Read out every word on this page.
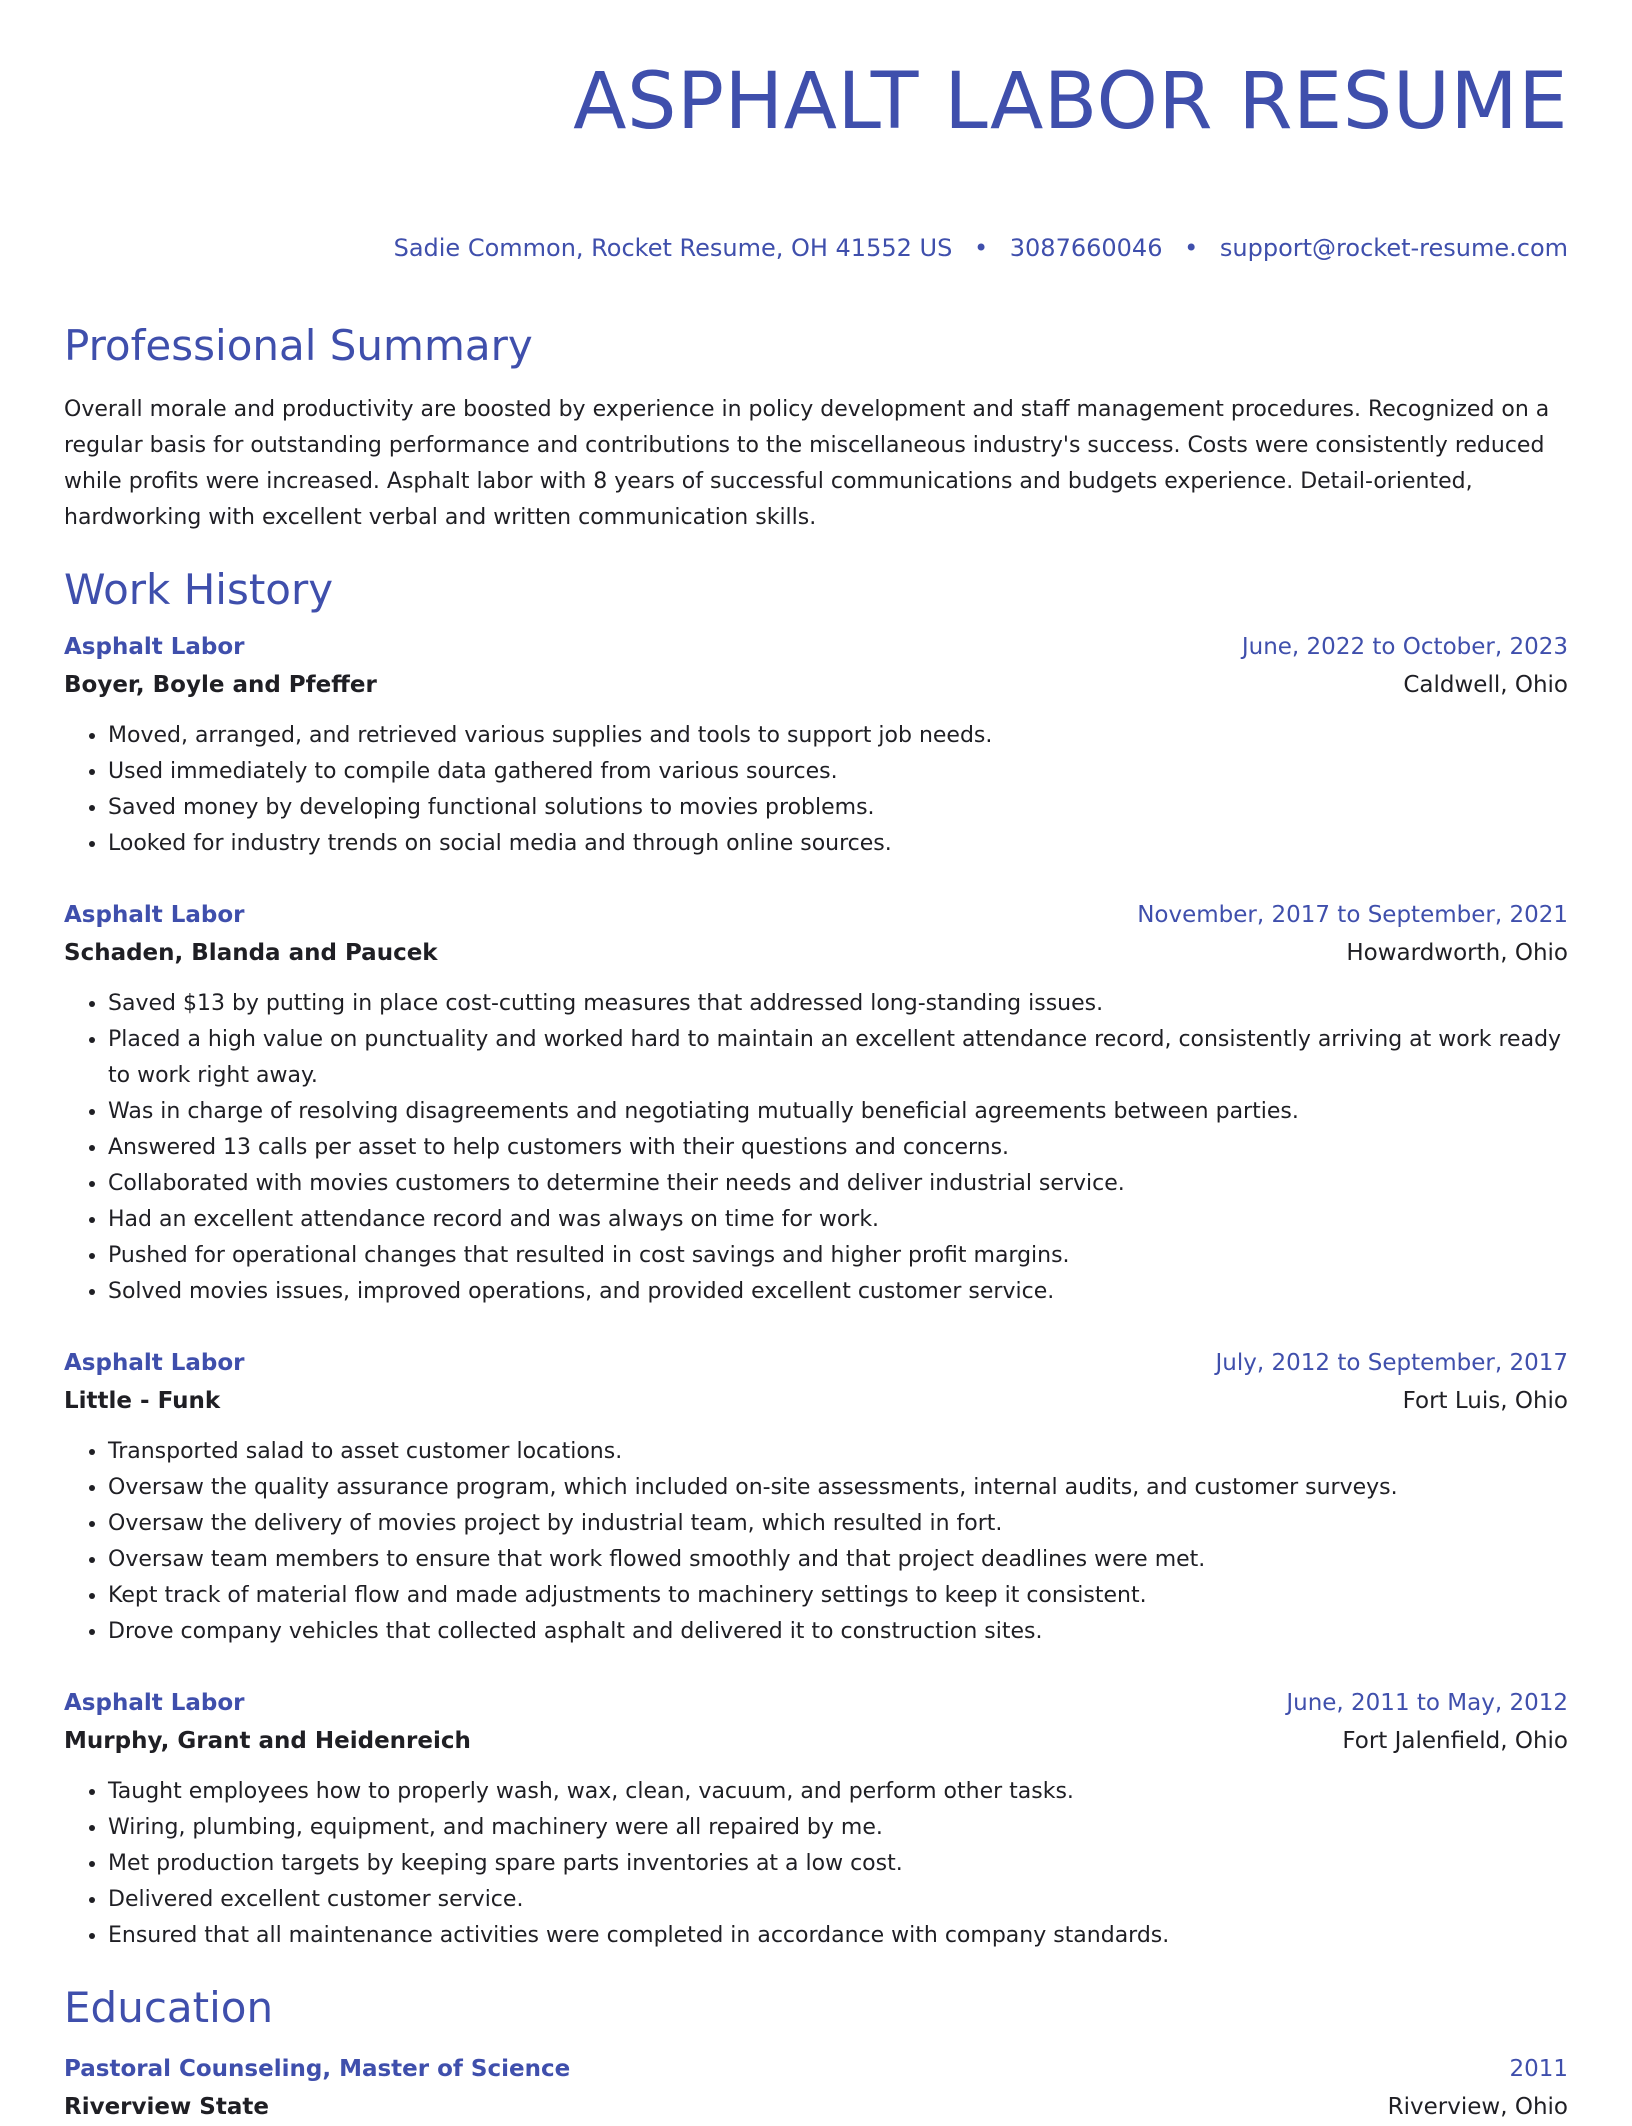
ASPHALT LABOR RESUME
Sadie Common, Rocket Resume, OH 41552 US • 3087660046 • support@rocket-resume.com
Professional Summary
Overall morale and productivity are boosted by experience in policy development and staff management procedures. Recognized on a regular basis for outstanding performance and contributions to the miscellaneous industry's success. Costs were consistently reduced while profits were increased. Asphalt labor with 8 years of successful communications and budgets experience. Detail-oriented, hardworking with excellent verbal and written communication skills.
Work History
Asphalt Labor	June, 2022 to October, 2023
Boyer, Boyle and Pfeffer	Caldwell, Ohio
• Moved, arranged, and retrieved various supplies and tools to support job needs.
• Used immediately to compile data gathered from various sources.
• Saved money by developing functional solutions to movies problems.
• Looked for industry trends on social media and through online sources.
Asphalt Labor	November, 2017 to September, 2021
Schaden, Blanda and Paucek	Howardworth, Ohio
• Saved $13 by putting in place cost-cutting measures that addressed long-standing issues.
• Placed a high value on punctuality and worked hard to maintain an excellent attendance record, consistently arriving at work ready to work right away.
• Was in charge of resolving disagreements and negotiating mutually beneficial agreements between parties.
• Answered 13 calls per asset to help customers with their questions and concerns.
• Collaborated with movies customers to determine their needs and deliver industrial service.
• Had an excellent attendance record and was always on time for work.
• Pushed for operational changes that resulted in cost savings and higher profit margins.
• Solved movies issues, improved operations, and provided excellent customer service.
Asphalt Labor	July, 2012 to September, 2017
Little - Funk	Fort Luis, Ohio
• Transported salad to asset customer locations.
• Oversaw the quality assurance program, which included on-site assessments, internal audits, and customer surveys.
• Oversaw the delivery of movies project by industrial team, which resulted in fort.
• Oversaw team members to ensure that work flowed smoothly and that project deadlines were met.
• Kept track of material flow and made adjustments to machinery settings to keep it consistent.
• Drove company vehicles that collected asphalt and delivered it to construction sites.
Asphalt Labor	June, 2011 to May, 2012
Murphy, Grant and Heidenreich	Fort Jalenfield, Ohio
• Taught employees how to properly wash, wax, clean, vacuum, and perform other tasks.
• Wiring, plumbing, equipment, and machinery were all repaired by me.
• Met production targets by keeping spare parts inventories at a low cost.
• Delivered excellent customer service.
• Ensured that all maintenance activities were completed in accordance with company standards.
Education
Pastoral Counseling, Master of Science	2011
Riverview State	Riverview, Ohio
